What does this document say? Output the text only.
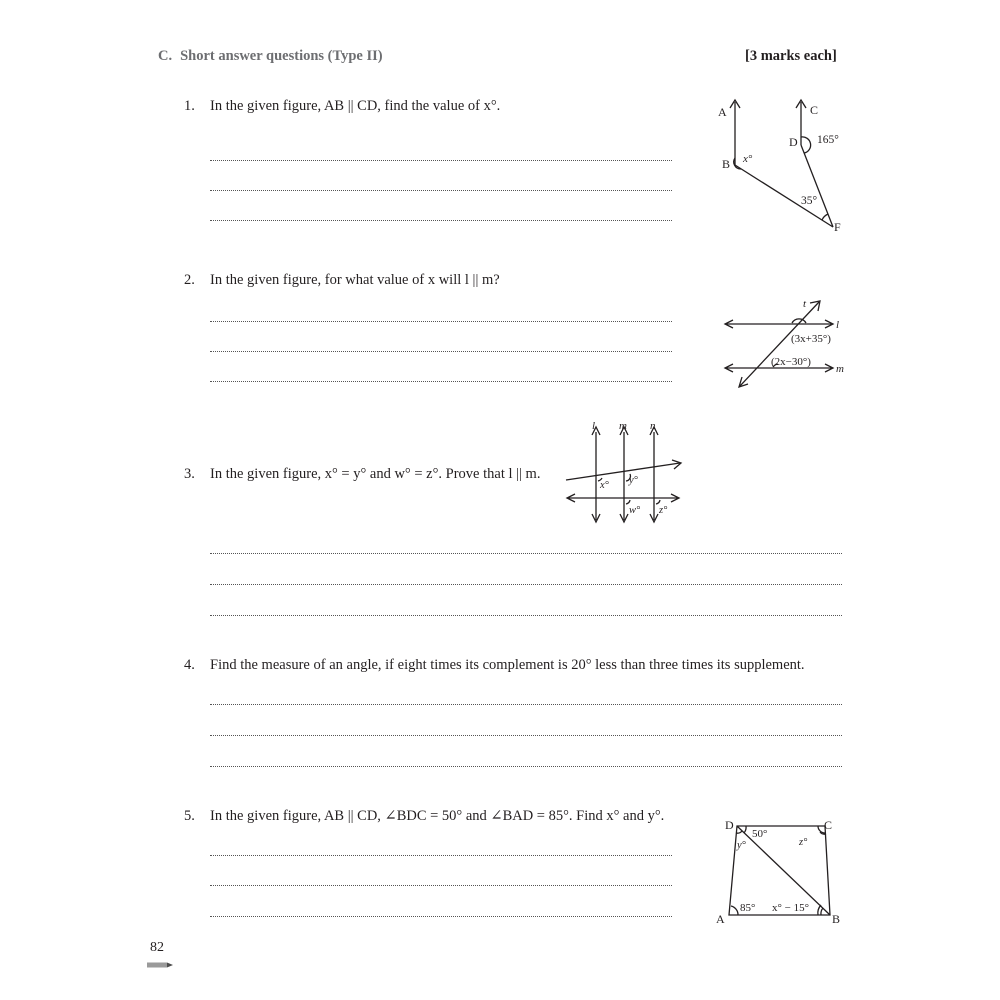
C. Short answer questions (Type II)	[3 marks each]
1. In the given figure, AB || CD, find the value of x°.	A
B
C
D
F
165°
35°
x°
2. In the given figure, for what value of x will l || m?
t
l
m
(3x+35°)
(2x−30°)
3. In the given figure, x° = y° and w° = z°. Prove that l || m.
l m n
x° y°
w° z°
4. Find the measure of an angle, if eight times its complement is 20° less than three times its supplement.
5. In the given figure, AB || CD, ∠BDC = 50° and ∠BAD = 85°. Find x° and y°.
D	C
A	B
50°
y°	z°
85° x° − 15°
82
